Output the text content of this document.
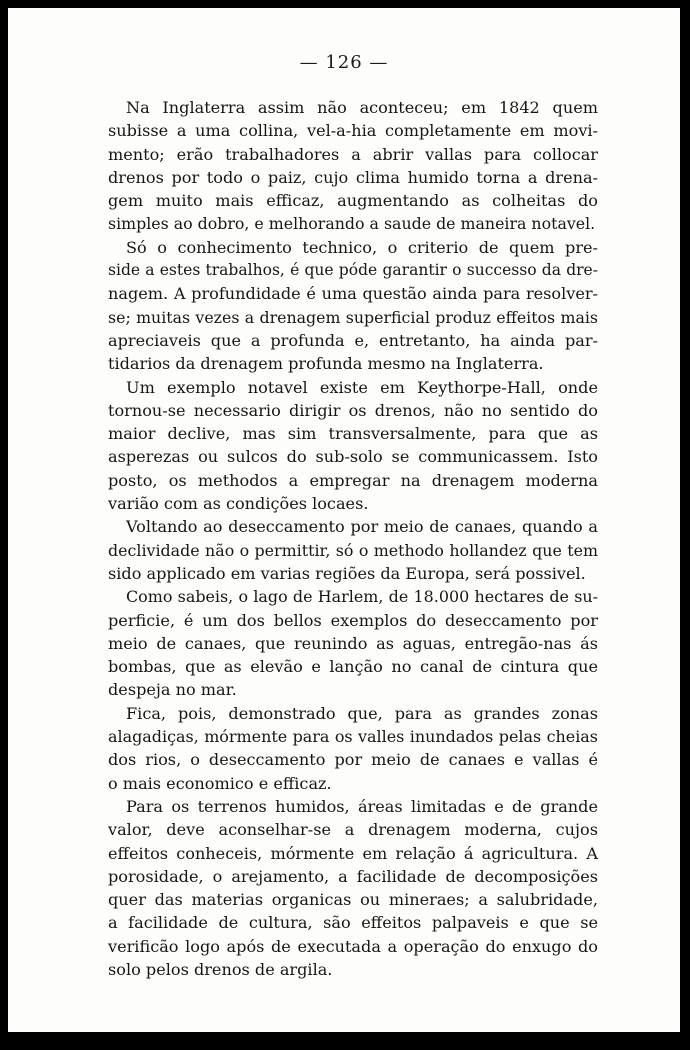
— 126 —
Na Inglaterra assim não aconteceu; em 1842 quem
subisse a uma collina, vel-a-hia completamente em movi-
mento; erão trabalhadores a abrir vallas para collocar
drenos por todo o paiz, cujo clima humido torna a drena-
gem muito mais efficaz, augmentando as colheitas do
simples ao dobro, e melhorando a saude de maneira notavel.
Só o conhecimento technico, o criterio de quem pre-
side a estes trabalhos, é que póde garantir o successo da dre-
nagem. A profundidade é uma questão ainda para resolver-
se; muitas vezes a drenagem superficial produz effeitos mais
apreciaveis que a profunda e, entretanto, ha ainda par-
tidarios da drenagem profunda mesmo na Inglaterra.
Um exemplo notavel existe em Keythorpe-Hall, onde
tornou-se necessario dirigir os drenos, não no sentido do
maior declive, mas sim transversalmente, para que as
asperezas ou sulcos do sub-solo se communicassem. Isto
posto, os methodos a empregar na drenagem moderna
varião com as condições locaes.
Voltando ao deseccamento por meio de canaes, quando a
declividade não o permittir, só o methodo hollandez que tem
sido applicado em varias regiões da Europa, será possivel.
Como sabeis, o lago de Harlem, de 18.000 hectares de su-
perficie, é um dos bellos exemplos do deseccamento por
meio de canaes, que reunindo as aguas, entregão-nas ás
bombas, que as elevão e lanção no canal de cintura que
despeja no mar.
Fica, pois, demonstrado que, para as grandes zonas
alagadiças, mórmente para os valles inundados pelas cheias
dos rios, o deseccamento por meio de canaes e vallas é
o mais economico e efficaz.
Para os terrenos humidos, áreas limitadas e de grande
valor, deve aconselhar-se a drenagem moderna, cujos
effeitos conheceis, mórmente em relação á agricultura. A
porosidade, o arejamento, a facilidade de decomposições
quer das materias organicas ou mineraes; a salubridade,
a facilidade de cultura, são effeitos palpaveis e que se
verificão logo após de executada a operação do enxugo do
solo pelos drenos de argila.
